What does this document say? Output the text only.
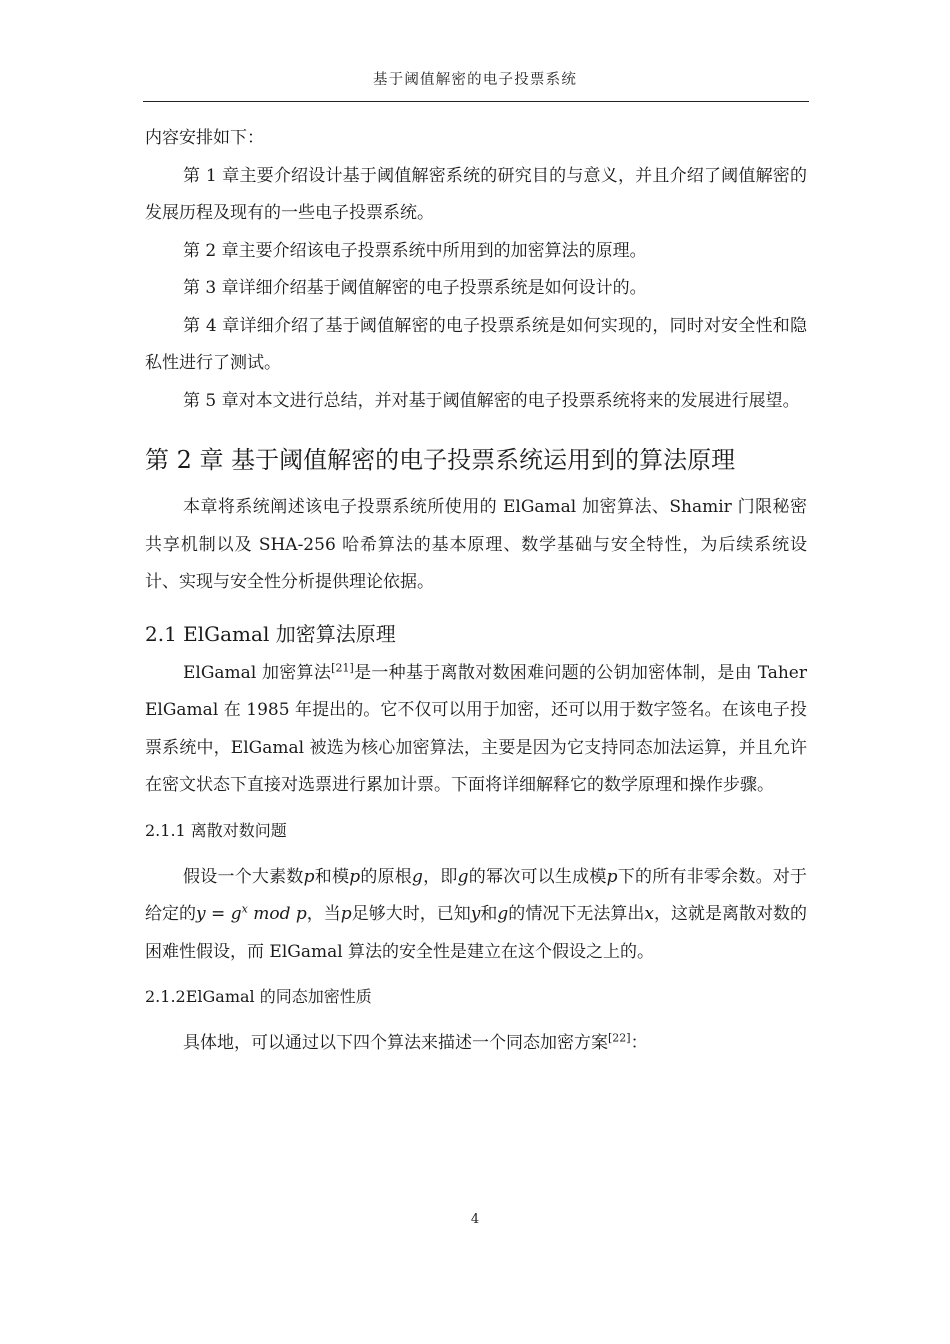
基于阈值解密的电子投票系统

内容安排如下：

第 1 章主要介绍设计基于阈值解密系统的研究目的与意义，并且介绍了阈值解密的发展历程及现有的一些电子投票系统。

第 2 章主要介绍该电子投票系统中所用到的加密算法的原理。

第 3 章详细介绍基于阈值解密的电子投票系统是如何设计的。

第 4 章详细介绍了基于阈值解密的电子投票系统是如何实现的，同时对安全性和隐私性进行了测试。

第 5 章对本文进行总结，并对基于阈值解密的电子投票系统将来的发展进行展望。

第 2 章 基于阈值解密的电子投票系统运用到的算法原理

本章将系统阐述该电子投票系统所使用的 ElGamal 加密算法、Shamir 门限秘密共享机制以及 SHA-256 哈希算法的基本原理、数学基础与安全特性，为后续系统设计、实现与安全性分析提供理论依据。

2.1 ElGamal 加密算法原理

ElGamal 加密算法[21]是一种基于离散对数困难问题的公钥加密体制，是由 Taher ElGamal 在 1985 年提出的。它不仅可以用于加密，还可以用于数字签名。在该电子投票系统中，ElGamal 被选为核心加密算法，主要是因为它支持同态加法运算，并且允许在密文状态下直接对选票进行累加计票。下面将详细解释它的数学原理和操作步骤。

2.1.1 离散对数问题

假设一个大素数p和模p的原根g，即g的幂次可以生成模p下的所有非零余数。对于给定的$y = g^x$ mod p，当p足够大时，已知y和g的情况下无法算出x，这就是离散对数的困难性假设，而 ElGamal 算法的安全性是建立在这个假设之上的。

2.1.2ElGamal 的同态加密性质

具体地，可以通过以下四个算法来描述一个同态加密方案[22]：

4
